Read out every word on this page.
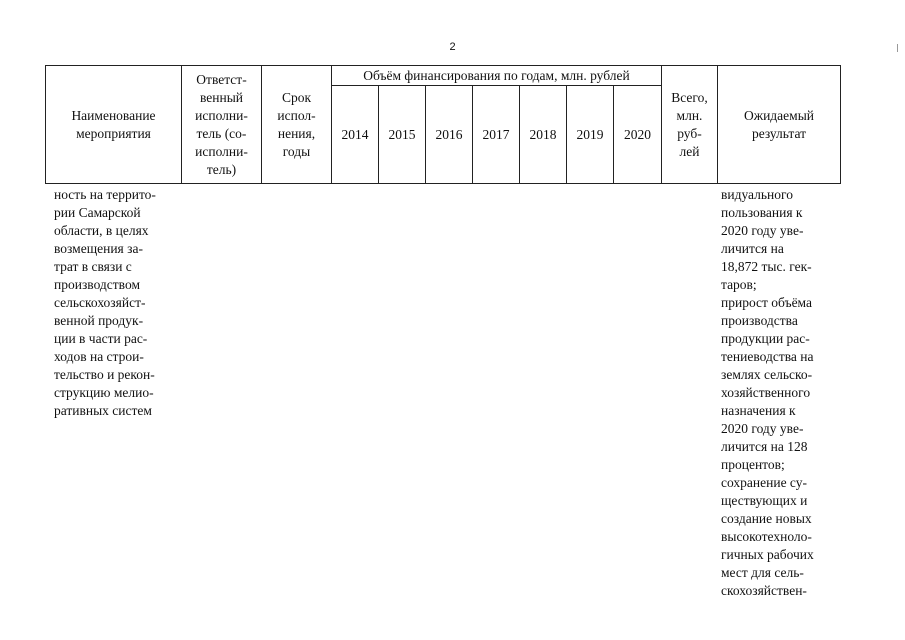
2
Наименование мероприятия
Ответст-
венный
исполни-
тель (со-
исполни-
тель)
Срок
испол-
нения,
годы
Объём финансирования по годам, млн. рублей
2014 2015 2016 2017 2018 2019 2020
Всего,
млн.
руб-
лей
Ожидаемый
результат
ность на террито-
рии Самарской
области, в целях
возмещения за-
трат в связи с
производством
сельскохозяйст-
венной продук-
ции в части рас-
ходов на строи-
тельство и рекон-
струкцию мелио-
ративных систем
видуального
пользования к
2020 году уве-
личится на
18,872 тыс. гек-
таров;
прирост объёма
производства
продукции рас-
тениеводства на
землях сельско-
хозяйственного
назначения к
2020 году уве-
личится на 128
процентов;
сохранение су-
ществующих и
создание новых
высокотехноло-
гичных рабочих
мест для сель-
скохозяйствен-
